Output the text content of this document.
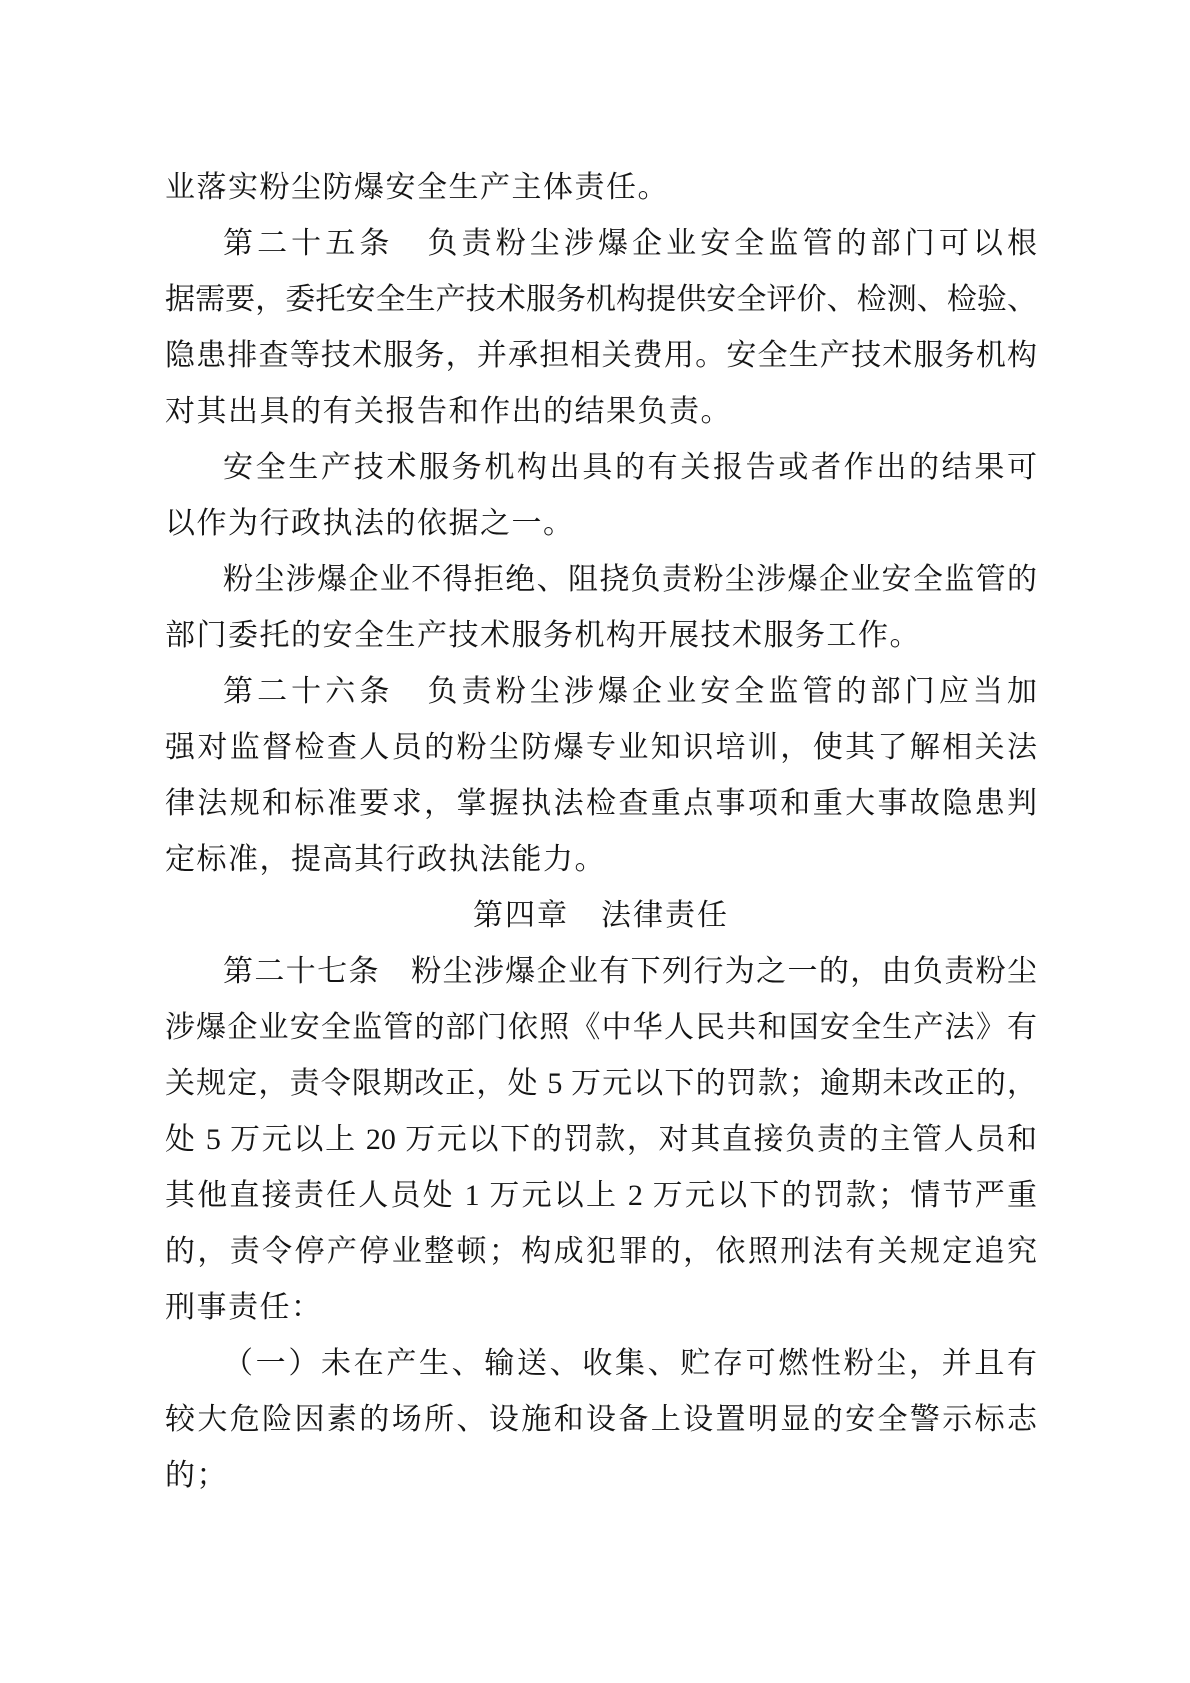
业落实粉尘防爆安全生产主体责任。
第二十五条　负责粉尘涉爆企业安全监管的部门可以根
据需要，委托安全生产技术服务机构提供安全评价、检测、检验、
隐患排查等技术服务，并承担相关费用。安全生产技术服务机构
对其出具的有关报告和作出的结果负责。
安全生产技术服务机构出具的有关报告或者作出的结果可
以作为行政执法的依据之一。
粉尘涉爆企业不得拒绝、阻挠负责粉尘涉爆企业安全监管的
部门委托的安全生产技术服务机构开展技术服务工作。
第二十六条　负责粉尘涉爆企业安全监管的部门应当加
强对监督检查人员的粉尘防爆专业知识培训，使其了解相关法
律法规和标准要求，掌握执法检查重点事项和重大事故隐患判
定标准，提高其行政执法能力。
第四章　法律责任
第二十七条　粉尘涉爆企业有下列行为之一的，由负责粉尘
涉爆企业安全监管的部门依照《中华人民共和国安全生产法》有
关规定，责令限期改正，处 5 万元以下的罚款；逾期未改正的，
处 5 万元以上 20 万元以下的罚款，对其直接负责的主管人员和
其他直接责任人员处 1 万元以上 2 万元以下的罚款；情节严重
的，责令停产停业整顿；构成犯罪的，依照刑法有关规定追究
刑事责任：
（一）未在产生、输送、收集、贮存可燃性粉尘，并且有
较大危险因素的场所、设施和设备上设置明显的安全警示标志
的；
